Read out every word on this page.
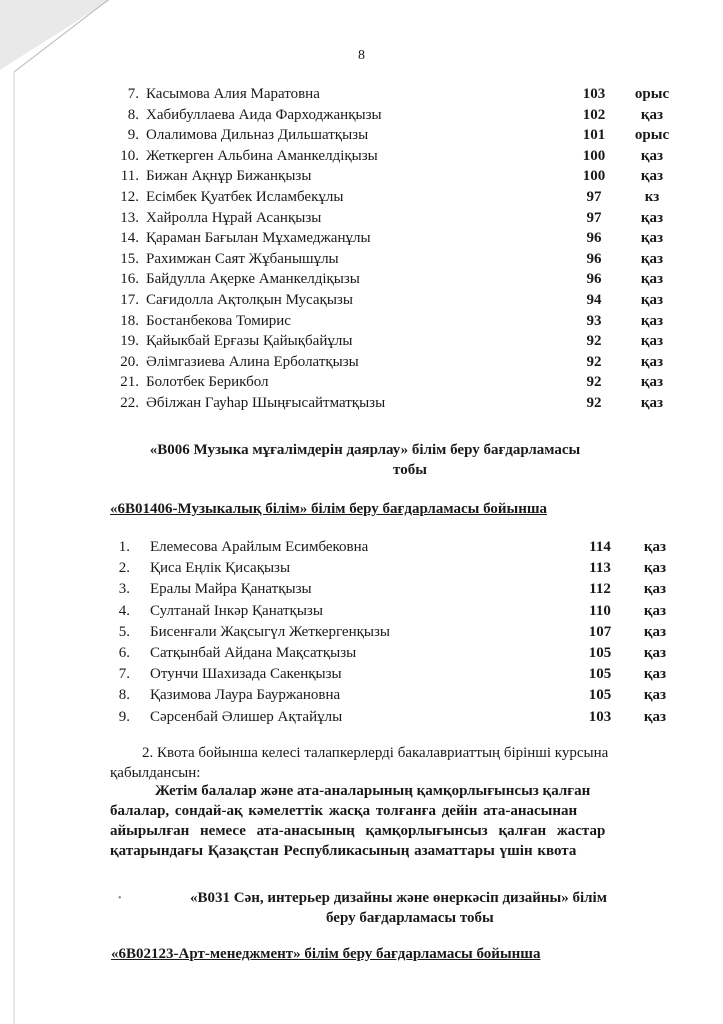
8
7. Касымова Алия Маратовна	103	орыс
8. Хабибуллаева Аида Фарходжанқызы	102	қаз
9. Олалимова Дильназ Дильшатқызы	101	орыс
10. Жеткерген Альбина Аманкелдіқызы	100	қаз
11. Бижан Ақнұр Бижанқызы	100	қаз
12. Есімбек Қуатбек Исламбекұлы	97	кз
13. Хайролла Нұрай Асанқызы	97	қаз
14. Қараман Бағылан Мұхамеджанұлы	96	қаз
15. Рахимжан Саят Жұбанышұлы	96	қаз
16. Байдулла Ақерке Аманкелдіқызы	96	қаз
17. Сағидолла Ақтолқын Мусақызы	94	қаз
18. Бостанбекова Томирис	93	қаз
19. Қайыкбай Ерғазы Қайықбайұлы	92	қаз
20. Әлімгазиева Алина Ерболатқызы	92	қаз
21. Болотбек Берикбол	92	қаз
22. Әбілжан Гауһар Шыңғысайтматқызы	92	қаз
«В006 Музыка мұғалімдерін даярлау» білім беру бағдарламасы
тобы
«6В01406-Музыкалық білім» білім беру бағдарламасы бойынша
1. Елемесова Арайлым Есимбековна	114	қаз
2. Қиса Еңлік Қисақызы	113	қаз
3. Ералы Майра Қанатқызы	112	қаз
4. Султанай Інкәр Қанатқызы	110	қаз
5. Бисенғали Жақсыгүл Жеткергенқызы	107	қаз
6. Сатқынбай Айдана Мақсатқызы	105	қаз
7. Отунчи Шахизада Сакенқызы	105	қаз
8. Қазимова Лаура Бауржановна	105	қаз
9. Сәрсенбай Әлишер Ақтайұлы	103	қаз
2. Квота бойынша келесі талапкерлерді бакалавриаттың бірінші курсына
қабылдансын:
Жетім балалар және ата-аналарының қамқорлығынсыз қалған
балалар, сондай-ақ кәмелеттік жасқа толғанға дейін ата-анасынан
айырылған немесе ата-анасының қамқорлығынсыз қалған жастар
қатарындағы Қазақстан Республикасының азаматтары үшін квота
•	«В031 Сән, интерьер дизайны және өнеркәсіп дизайны» білім
беру бағдарламасы тобы
«6В02123-Арт-менеджмент» білім беру бағдарламасы бойынша
